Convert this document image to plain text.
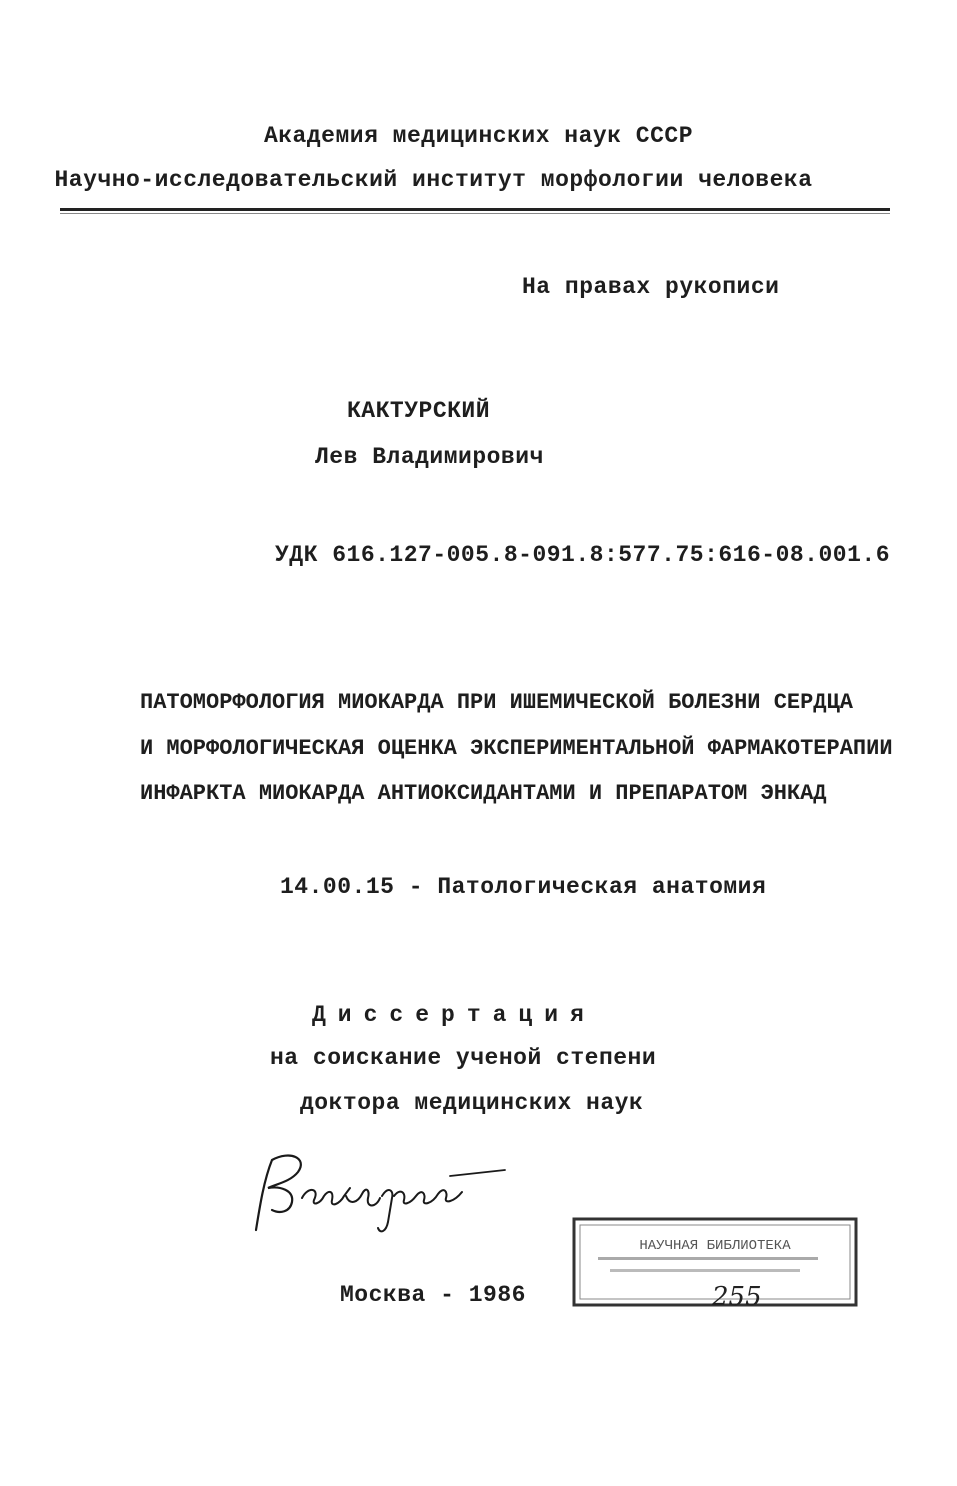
Академия медицинских наук СССР
Научно-исследовательский институт морфологии человека
На правах рукописи
КАКТУРСКИЙ
Лев Владимирович
УДК 616.127-005.8-091.8:577.75:616-08.001.6
ПАТОМОРФОЛОГИЯ МИОКАРДА ПРИ ИШЕМИЧЕСКОЙ БОЛЕЗНИ СЕРДЦА
И МОРФОЛОГИЧЕСКАЯ ОЦЕНКА ЭКСПЕРИМЕНТАЛЬНОЙ ФАРМАКОТЕРАПИИ
ИНФАРКТА МИОКАРДА АНТИОКСИДАНТАМИ И ПРЕПАРАТОМ ЭНКАД
14.00.15 - Патологическая анатомия
Диссертация
на соискание ученой степени
доктора медицинских наук
Москва - 1986
НАУЧНАЯ БИБЛИОТЕКА
255
